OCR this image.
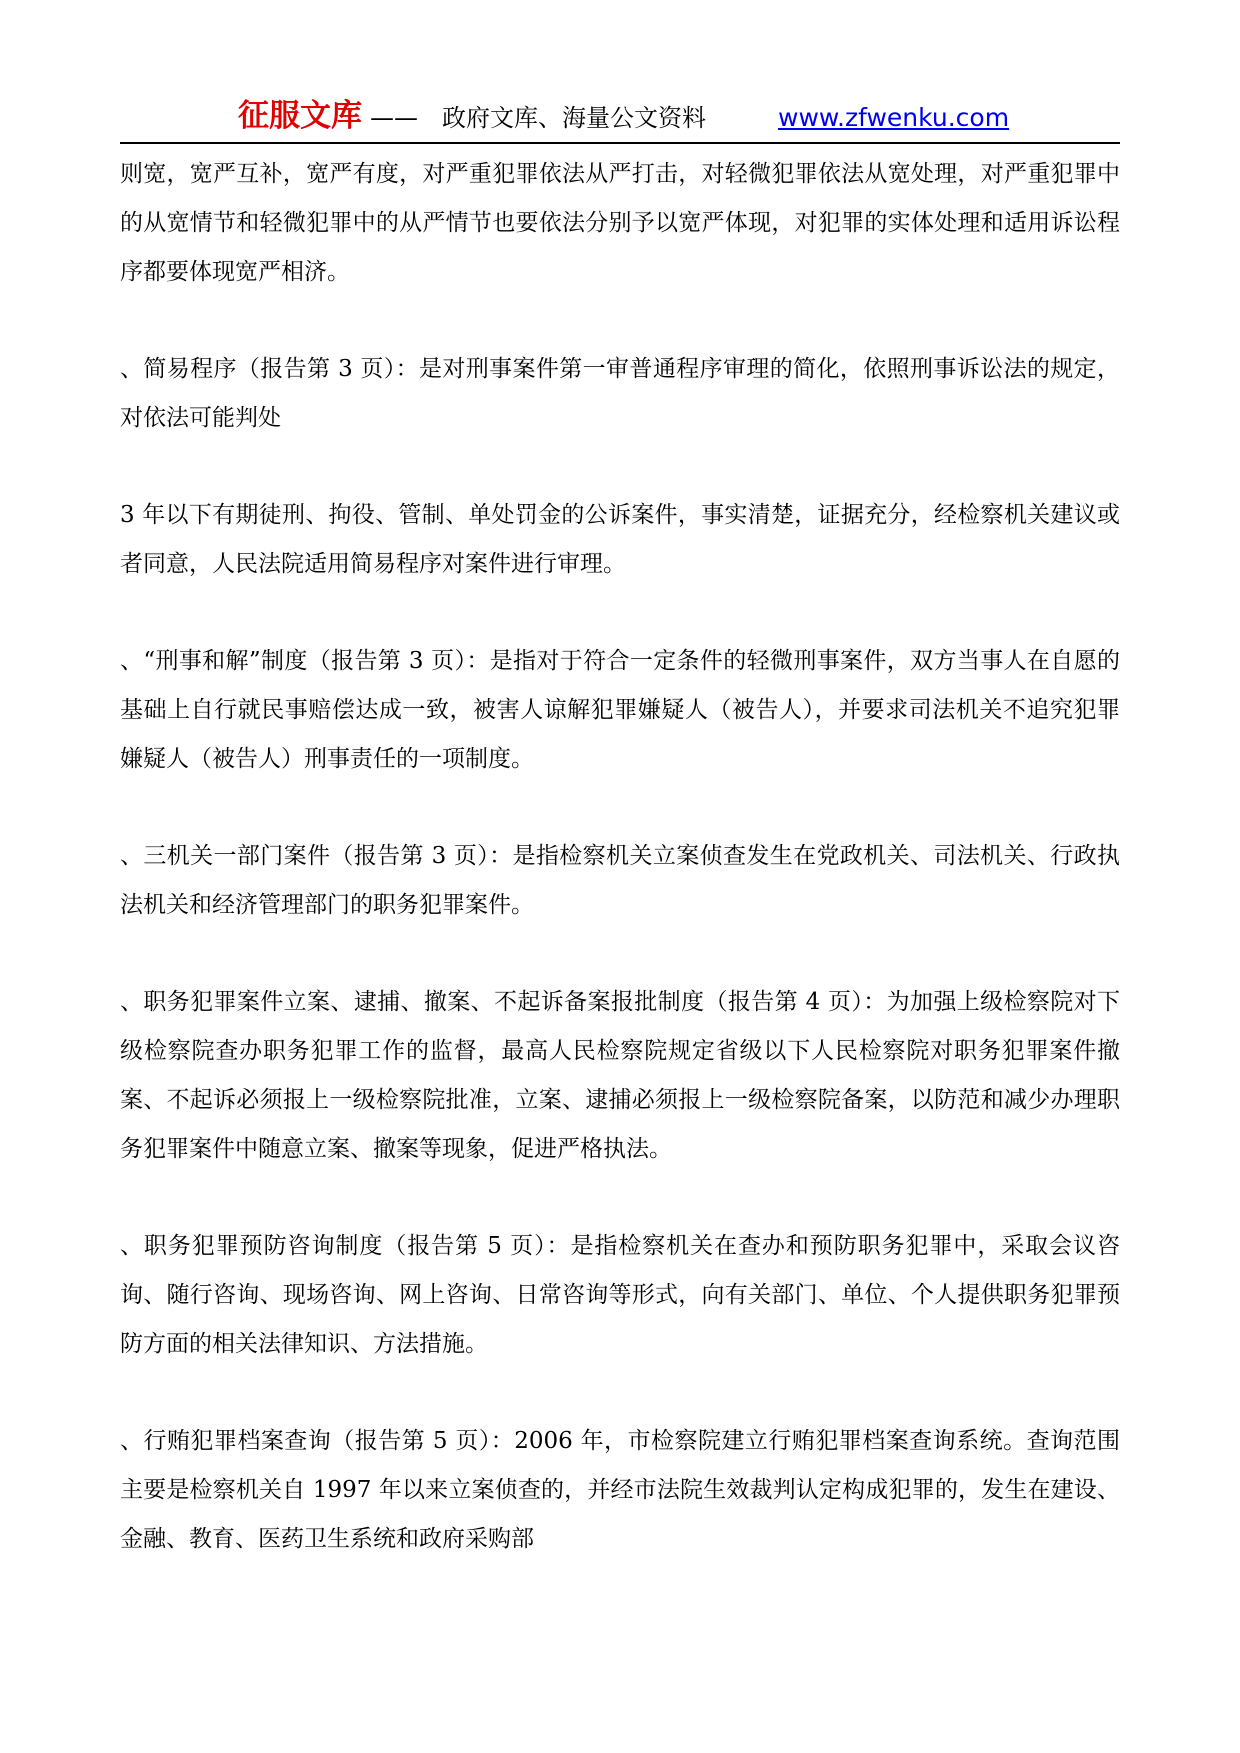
征服文库 —— 政府文库、海量公文资料	www.zfwenku.com

则宽，宽严互补，宽严有度，对严重犯罪依法从严打击，对轻微犯罪依法从宽处理，对严重犯罪中的从宽情节和轻微犯罪中的从严情节也要依法分别予以宽严体现，对犯罪的实体处理和适用诉讼程序都要体现宽严相济。

、简易程序（报告第 3 页）：是对刑事案件第一审普通程序审理的简化，依照刑事诉讼法的规定，对依法可能判处

3 年以下有期徒刑、拘役、管制、单处罚金的公诉案件，事实清楚，证据充分，经检察机关建议或者同意，人民法院适用简易程序对案件进行审理。

、“刑事和解”制度（报告第 3 页）：是指对于符合一定条件的轻微刑事案件，双方当事人在自愿的基础上自行就民事赔偿达成一致，被害人谅解犯罪嫌疑人（被告人），并要求司法机关不追究犯罪嫌疑人（被告人）刑事责任的一项制度。

、三机关一部门案件（报告第 3 页）：是指检察机关立案侦查发生在党政机关、司法机关、行政执法机关和经济管理部门的职务犯罪案件。

、职务犯罪案件立案、逮捕、撤案、不起诉备案报批制度（报告第 4 页）：为加强上级检察院对下级检察院查办职务犯罪工作的监督，最高人民检察院规定省级以下人民检察院对职务犯罪案件撤案、不起诉必须报上一级检察院批准，立案、逮捕必须报上一级检察院备案，以防范和减少办理职务犯罪案件中随意立案、撤案等现象，促进严格执法。

、职务犯罪预防咨询制度（报告第 5 页）：是指检察机关在查办和预防职务犯罪中，采取会议咨询、随行咨询、现场咨询、网上咨询、日常咨询等形式，向有关部门、单位、个人提供职务犯罪预防方面的相关法律知识、方法措施。

、行贿犯罪档案查询（报告第 5 页）：2006 年，市检察院建立行贿犯罪档案查询系统。查询范围主要是检察机关自 1997 年以来立案侦查的，并经市法院生效裁判认定构成犯罪的，发生在建设、金融、教育、医药卫生系统和政府采购部
